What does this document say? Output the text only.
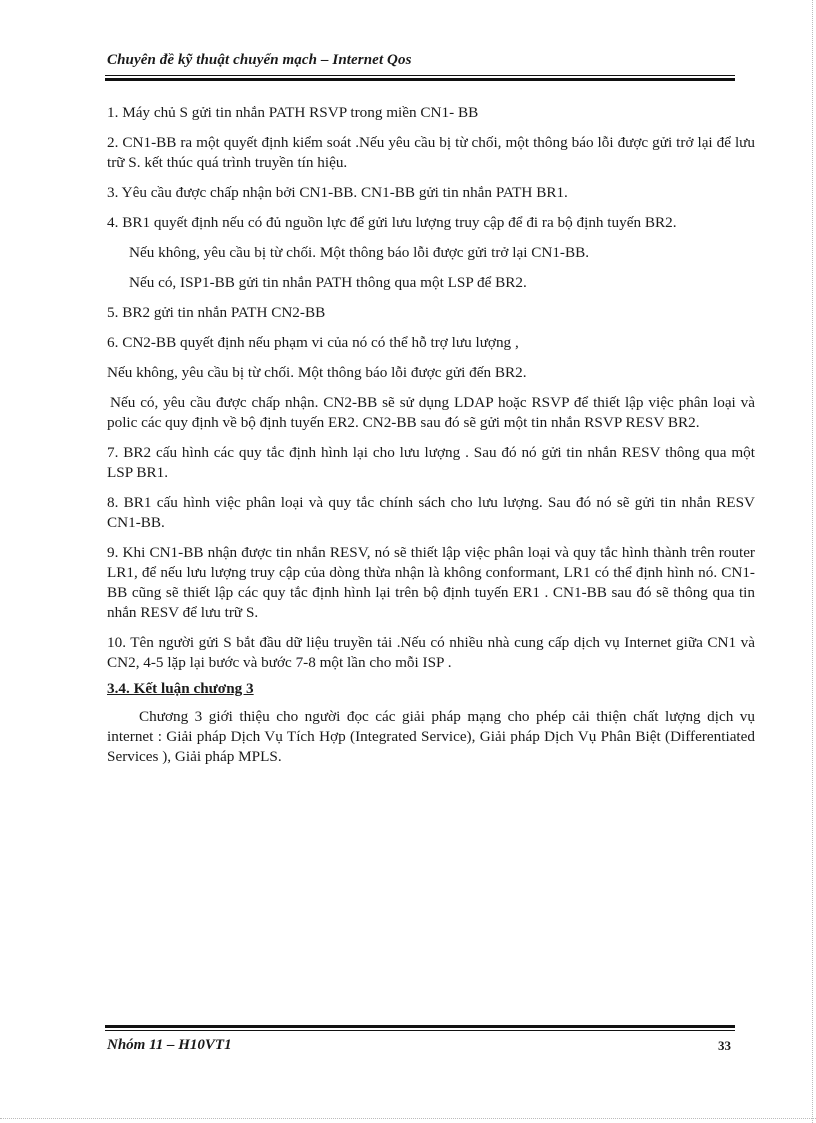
Chuyên đề kỹ thuật chuyển mạch – Internet Qos

1. Máy chủ S gửi tin nhắn PATH RSVP trong miền CN1- BB

2. CN1-BB ra một quyết định kiểm soát .Nếu yêu cầu bị từ chối, một thông báo lỗi được gửi trở lại để lưu trữ S. kết thúc quá trình truyền tín hiệu.

3. Yêu cầu được chấp nhận bởi CN1-BB. CN1-BB gửi tin nhắn PATH BR1.

4. BR1 quyết định nếu có đủ nguồn lực để gửi lưu lượng truy cập để đi ra bộ định tuyến BR2.

Nếu không, yêu cầu bị từ chối. Một thông báo lỗi được gửi trở lại CN1-BB.

Nếu có, ISP1-BB gửi tin nhắn PATH thông qua một LSP để BR2.

5. BR2 gửi tin nhắn PATH CN2-BB

6. CN2-BB quyết định nếu phạm vi của nó có thể hỗ trợ lưu lượng ,

Nếu không, yêu cầu bị từ chối. Một thông báo lỗi được gửi đến BR2.

Nếu có, yêu cầu được chấp nhận. CN2-BB sẽ sử dụng LDAP hoặc RSVP để thiết lập việc phân loại và polic các quy định về bộ định tuyến ER2. CN2-BB sau đó sẽ gửi một tin nhắn RSVP RESV BR2.

7. BR2 cấu hình các quy tắc định hình lại cho lưu lượng . Sau đó nó gửi tin nhắn RESV thông qua một LSP BR1.

8. BR1 cấu hình việc phân loại và quy tắc chính sách cho lưu lượng. Sau đó nó sẽ gửi tin nhắn RESV CN1-BB.

9. Khi CN1-BB nhận được tin nhắn RESV, nó sẽ thiết lập việc phân loại và quy tắc hình thành trên router LR1, để nếu lưu lượng truy cập của dòng thừa nhận là không conformant, LR1 có thể định hình nó. CN1-BB cũng sẽ thiết lập các quy tắc định hình lại trên bộ định tuyến ER1 . CN1-BB sau đó sẽ thông qua tin nhắn RESV để lưu trữ S.

10. Tên người gửi S bắt đầu dữ liệu truyền tải .Nếu có nhiều nhà cung cấp dịch vụ Internet giữa CN1 và CN2, 4-5 lặp lại bước và bước 7-8 một lần cho mỗi ISP .

3.4. Kết luận chương 3

Chương 3 giới thiệu cho người đọc các giải pháp mạng cho phép cải thiện chất lượng dịch vụ internet : Giải pháp Dịch Vụ Tích Hợp (Integrated Service), Giải pháp Dịch Vụ Phân Biệt (Differentiated Services ), Giải pháp MPLS.

Nhóm 11 – H10VT1	33
